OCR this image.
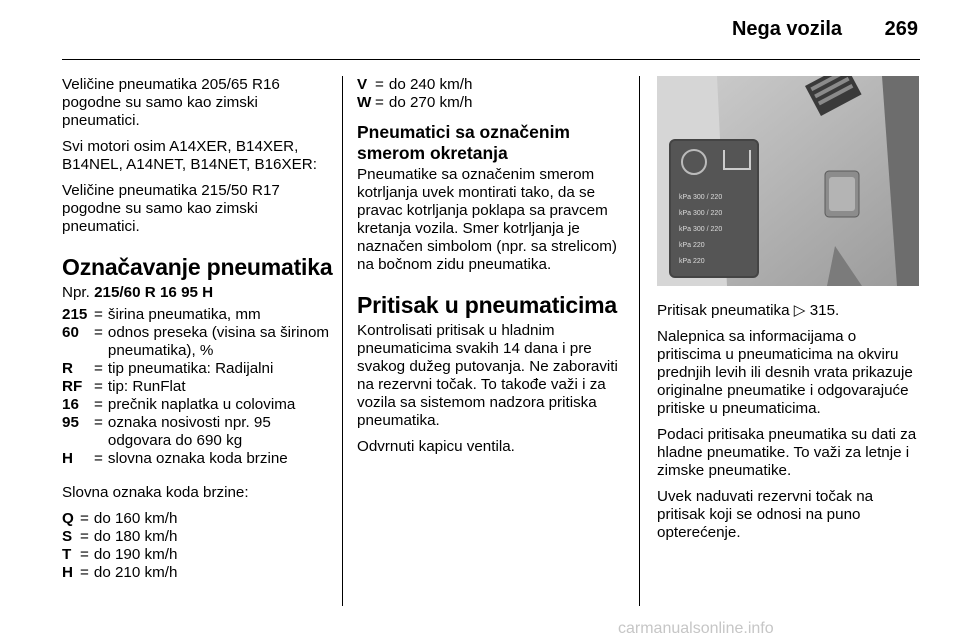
Nega vozila 269

Veličine pneumatika 205/65 R16 pogodne su samo kao zimski pneumatici.

Svi motori osim A14XER, B14XER, B14NEL, A14NET, B14NET, B16XER:

Veličine pneumatika 215/50 R17 pogodne su samo kao zimski pneumatici.

Označavanje pneumatika

Npr. 215/60 R 16 95 H

215 = širina pneumatika, mm
60 = odnos preseka (visina sa širinom pneumatika), %
R	= tip pneumatika: Radijalni
RF = tip: RunFlat
16 = prečnik naplatka u colovima
95 = oznaka nosivosti npr. 95 odgovara do 690 kg
H	= slovna oznaka koda brzine

Slovna oznaka koda brzine:

Q = do 160 km/h
S = do 180 km/h
T = do 190 km/h
H = do 210 km/h
V = do 240 km/h
W = do 270 km/h
Pneumatici sa označenim smerom okretanja

Pneumatike sa označenim smerom kotrljanja uvek montirati tako, da se pravac kotrljanja poklapa sa pravcem kretanja vozila. Smer kotrljanja je naznačen simbolom (npr. sa strelicom) na bočnom zidu pneumatika.

Pritisak u pneumaticima

Kontrolisati pritisak u hladnim pneumaticima svakih 14 dana i pre svakog dužeg putovanja. Ne zaboraviti na rezervni točak. To takođe važi i za vozila sa sistemom nadzora pritiska pneumatika.

Odvrnuti kapicu ventila.

kPa 300 / 220
kPa 300 / 220
kPa 300 / 220
kPa 220
kPa 220

Pritisak pneumatika ▷ 315.

Nalepnica sa informacijama o pritiscima u pneumaticima na okviru prednjih levih ili desnih vrata prikazuje originalne pneumatike i odgovarajuće pritiske u pneumaticima.

Podaci pritisaka pneumatika su dati za hladne pneumatike. To važi za letnje i zimske pneumatike.

Uvek naduvati rezervni točak na pritisak koji se odnosi na puno opterećenje.

carmanualsonline.info
